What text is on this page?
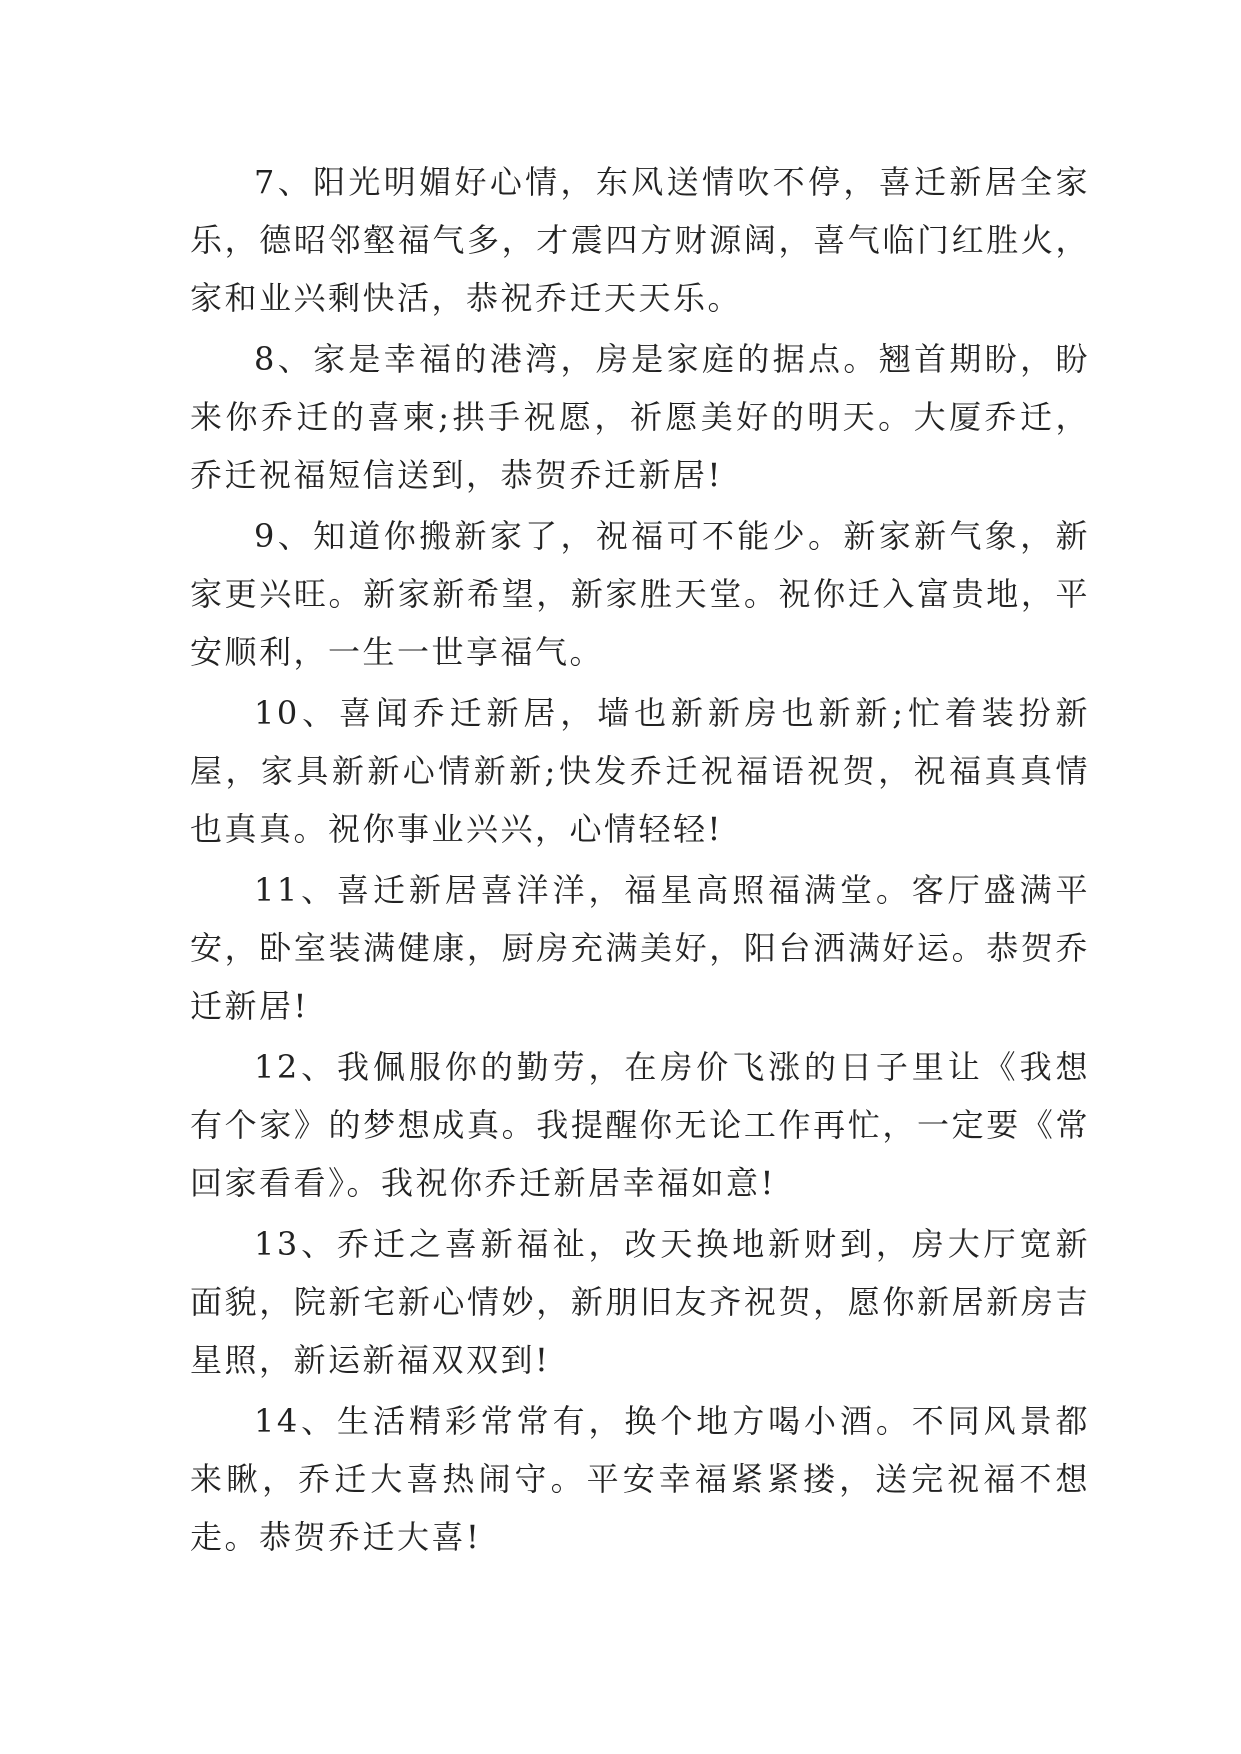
7、阳光明媚好心情，东风送情吹不停，喜迁新居全家乐，德昭邻壑福气多，才震四方财源阔，喜气临门红胜火，家和业兴剩快活，恭祝乔迁天天乐。

8、家是幸福的港湾，房是家庭的据点。翘首期盼，盼来你乔迁的喜柬;拱手祝愿，祈愿美好的明天。大厦乔迁，乔迁祝福短信送到，恭贺乔迁新居!

9、知道你搬新家了，祝福可不能少。新家新气象，新家更兴旺。新家新希望，新家胜天堂。祝你迁入富贵地，平安顺利，一生一世享福气。

10、喜闻乔迁新居，墙也新新房也新新;忙着装扮新屋，家具新新心情新新;快发乔迁祝福语祝贺，祝福真真情也真真。祝你事业兴兴，心情轻轻!

11、喜迁新居喜洋洋，福星高照福满堂。客厅盛满平安，卧室装满健康，厨房充满美好，阳台洒满好运。恭贺乔迁新居!

12、我佩服你的勤劳，在房价飞涨的日子里让《我想有个家》的梦想成真。我提醒你无论工作再忙，一定要《常回家看看》。我祝你乔迁新居幸福如意!

13、乔迁之喜新福祉，改天换地新财到，房大厅宽新面貌，院新宅新心情妙，新朋旧友齐祝贺，愿你新居新房吉星照，新运新福双双到!

14、生活精彩常常有，换个地方喝小酒。不同风景都来瞅，乔迁大喜热闹守。平安幸福紧紧搂，送完祝福不想走。恭贺乔迁大喜!
